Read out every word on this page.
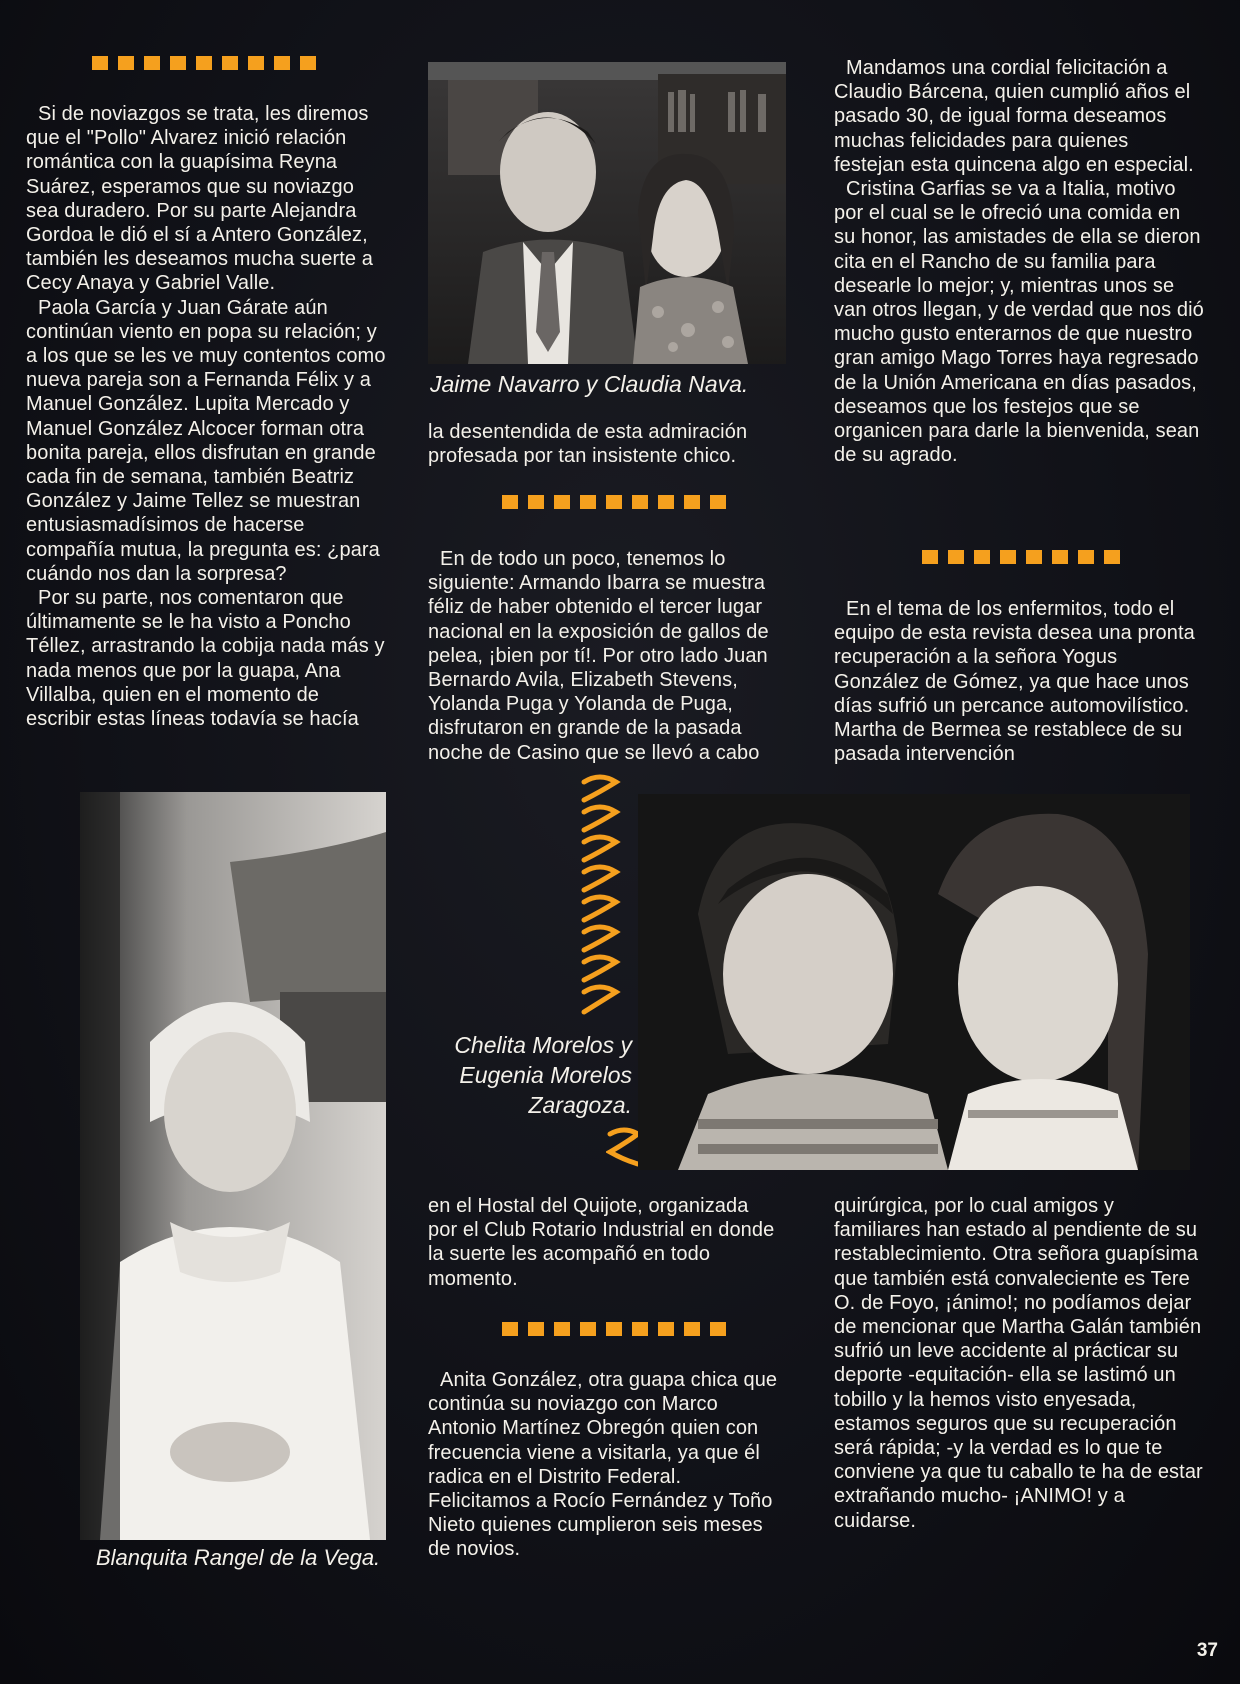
Si de noviazgos se trata, les diremos que el "Pollo" Alvarez inició relación romántica con la guapísima Reyna Suárez, esperamos que su noviazgo sea duradero. Por su parte Alejandra Gordoa le dió el sí a Antero González, también les deseamos mucha suerte a Cecy Anaya y Gabriel Valle.

Paola García y Juan Gárate aún continúan viento en popa su relación; y a los que se les ve muy contentos como nueva pareja son a Fernanda Félix y a Manuel González. Lupita Mercado y Manuel González Alcocer forman otra bonita pareja, ellos disfrutan en grande cada fin de semana, también Beatriz González y Jaime Tellez se muestran entusiasmadísimos de hacerse compañía mutua, la pregunta es: ¿para cuándo nos dan la sorpresa?

Por su parte, nos comentaron que últimamente se le ha visto a Poncho Téllez, arrastrando la cobija nada más y nada menos que por la guapa, Ana Villalba, quien en el momento de escribir estas líneas todavía se hacía

Jaime Navarro y Claudia Nava.

la desentendida de esta admiración profesada por tan insistente chico.

En de todo un poco, tenemos lo siguiente: Armando Ibarra se muestra féliz de haber obtenido el tercer lugar nacional en la exposición de gallos de pelea, ¡bien por tí!. Por otro lado Juan Bernardo Avila, Elizabeth Stevens, Yolanda Puga y Yolanda de Puga, disfrutaron en grande de la pasada noche de Casino que se llevó a cabo

Mandamos una cordial felicitación a Claudio Bárcena, quien cumplió años el pasado 30, de igual forma deseamos muchas felicidades para quienes festejan esta quincena algo en especial.

Cristina Garfias se va a Italia, motivo por el cual se le ofreció una comida en su honor, las amistades de ella se dieron cita en el Rancho de su familia para desearle lo mejor; y, mientras unos se van otros llegan, y de verdad que nos dió mucho gusto enterarnos de que nuestro gran amigo Mago Torres haya regresado de la Unión Americana en días pasados, deseamos que los festejos que se organicen para darle la bienvenida, sean de su agrado.

En el tema de los enfermitos, todo el equipo de esta revista desea una pronta recuperación a la señora Yogus González de Gómez, ya que hace unos días sufrió un percance automovilístico. Martha de Bermea se restablece de su pasada intervención

Blanquita Rangel de la Vega.
Chelita Morelos y
Eugenia Morelos
Zaragoza.

en el Hostal del Quijote, organizada por el Club Rotario Industrial en donde la suerte les acompañó en todo momento.

Anita González, otra guapa chica que continúa su noviazgo con Marco Antonio Martínez Obregón quien con frecuencia viene a visitarla, ya que él radica en el Distrito Federal. Felicitamos a Rocío Fernández y Toño Nieto quienes cumplieron seis meses de novios.

quirúrgica, por lo cual amigos y familiares han estado al pendiente de su restablecimiento. Otra señora guapísima que también está convaleciente es Tere O. de Foyo, ¡ánimo!; no podíamos dejar de mencionar que Martha Galán también sufrió un leve accidente al prácticar su deporte -equitación- ella se lastimó un tobillo y la hemos visto enyesada, estamos seguros que su recuperación será rápida; -y la verdad es lo que te conviene ya que tu caballo te ha de estar extrañando mucho- ¡ANIMO! y a cuidarse.

37
